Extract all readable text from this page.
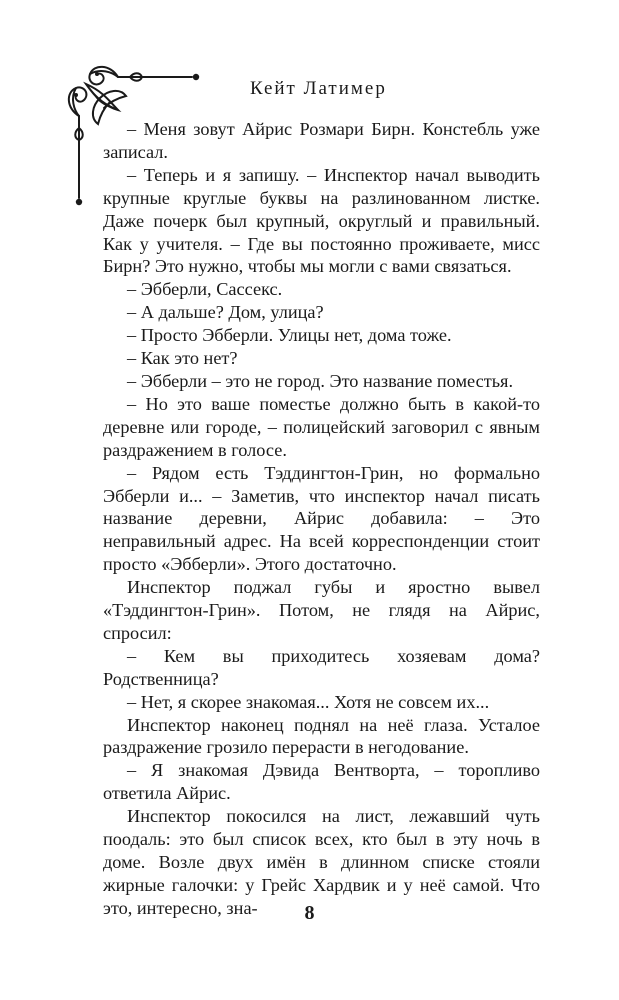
Кейт Латимер

– Меня зовут Айрис Розмари Бирн. Констебль уже записал.

– Теперь и я запишу. – Инспектор начал выводить крупные круглые буквы на разлинованном листке. Даже почерк был крупный, округлый и правильный. Как у учителя. – Где вы постоянно проживаете, мисс Бирн? Это нужно, чтобы мы могли с вами связаться.

– Эбберли, Сассекс.

– А дальше? Дом, улица?

– Просто Эбберли. Улицы нет, дома тоже.

– Как это нет?

– Эбберли – это не город. Это название поместья.

– Но это ваше поместье должно быть в какой-то деревне или городе, – полицейский заговорил с явным раздражением в голосе.

– Рядом есть Тэддингтон-Грин, но формально Эбберли и... – Заметив, что инспектор начал писать название деревни, Айрис добавила: – Это неправильный адрес. На всей корреспонденции стоит просто «Эбберли». Этого достаточно.

Инспектор поджал губы и яростно вывел «Тэддингтон-Грин». Потом, не глядя на Айрис, спросил:

– Кем вы приходитесь хозяевам дома? Родственница?

– Нет, я скорее знакомая... Хотя не совсем их...

Инспектор наконец поднял на неё глаза. Усталое раздражение грозило перерасти в негодование.

– Я знакомая Дэвида Вентворта, – торопливо ответила Айрис.

Инспектор покосился на лист, лежавший чуть поодаль: это был список всех, кто был в эту ночь в доме. Возле двух имён в длинном списке стояли жирные галочки: у Грейс Хардвик и у неё самой. Что это, интересно, зна-	8
